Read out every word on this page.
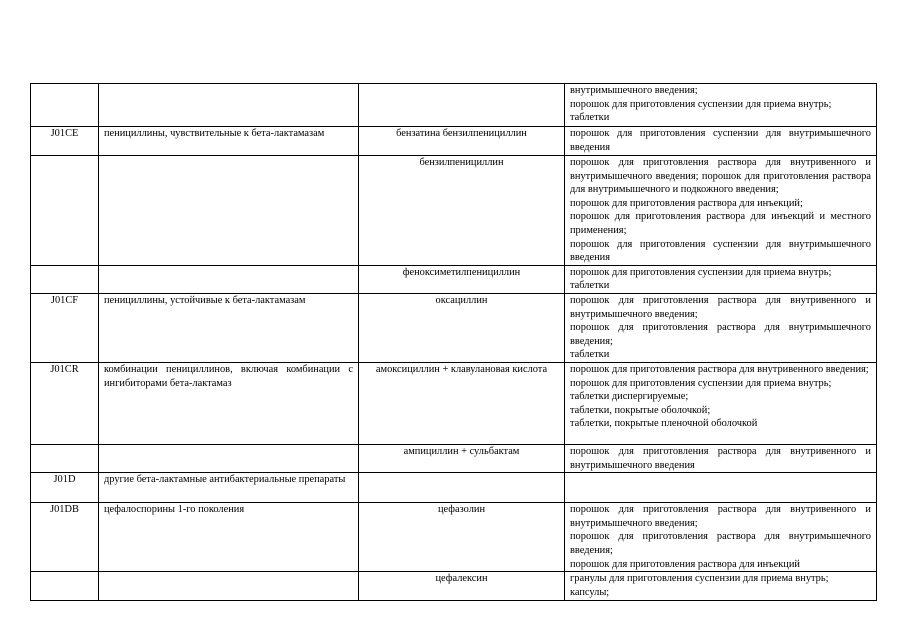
			внутримышечного введения;
порошок для приготовления суспензии для приема внутрь;
таблетки

J01CE	пенициллины, чувствительные к бета-лактамазам	бензатина бензилпенициллин	порошок для приготовления суспензии для внутримышечного введения

		бензилпенициллин	порошок для приготовления раствора для внутривенного и внутримышечного введения; порошок для приготовления раствора для внутримышечного и подкожного введения;
порошок для приготовления раствора для инъекций;
порошок для приготовления раствора для инъекций и местного применения;
порошок для приготовления суспензии для внутримышечного введения

		феноксиметилпенициллин	порошок для приготовления суспензии для приема внутрь;
таблетки

J01CF	пенициллины, устойчивые к бета-лактамазам	оксациллин	порошок для приготовления раствора для внутривенного и внутримышечного введения;
порошок для приготовления раствора для внутримышечного введения;
таблетки

J01CR	комбинации пенициллинов, включая комбинации с ингибиторами бета-лактамаз	амоксициллин + клавулановая кислота	порошок для приготовления раствора для внутривенного введения;
порошок для приготовления суспензии для приема внутрь;
таблетки диспергируемые;
таблетки, покрытые оболочкой;
таблетки, покрытые пленочной оболочкой

		ампициллин + сульбактам	порошок для приготовления раствора для внутривенного и внутримышечного введения

J01D	другие бета-лактамные антибактериальные препараты		
J01DB	цефалоспорины 1-го поколения	цефазолин	порошок для приготовления раствора для внутривенного и внутримышечного введения;
порошок для приготовления раствора для внутримышечного введения;
порошок для приготовления раствора для инъекций

		цефалексин	гранулы для приготовления суспензии для приема внутрь;
капсулы;
